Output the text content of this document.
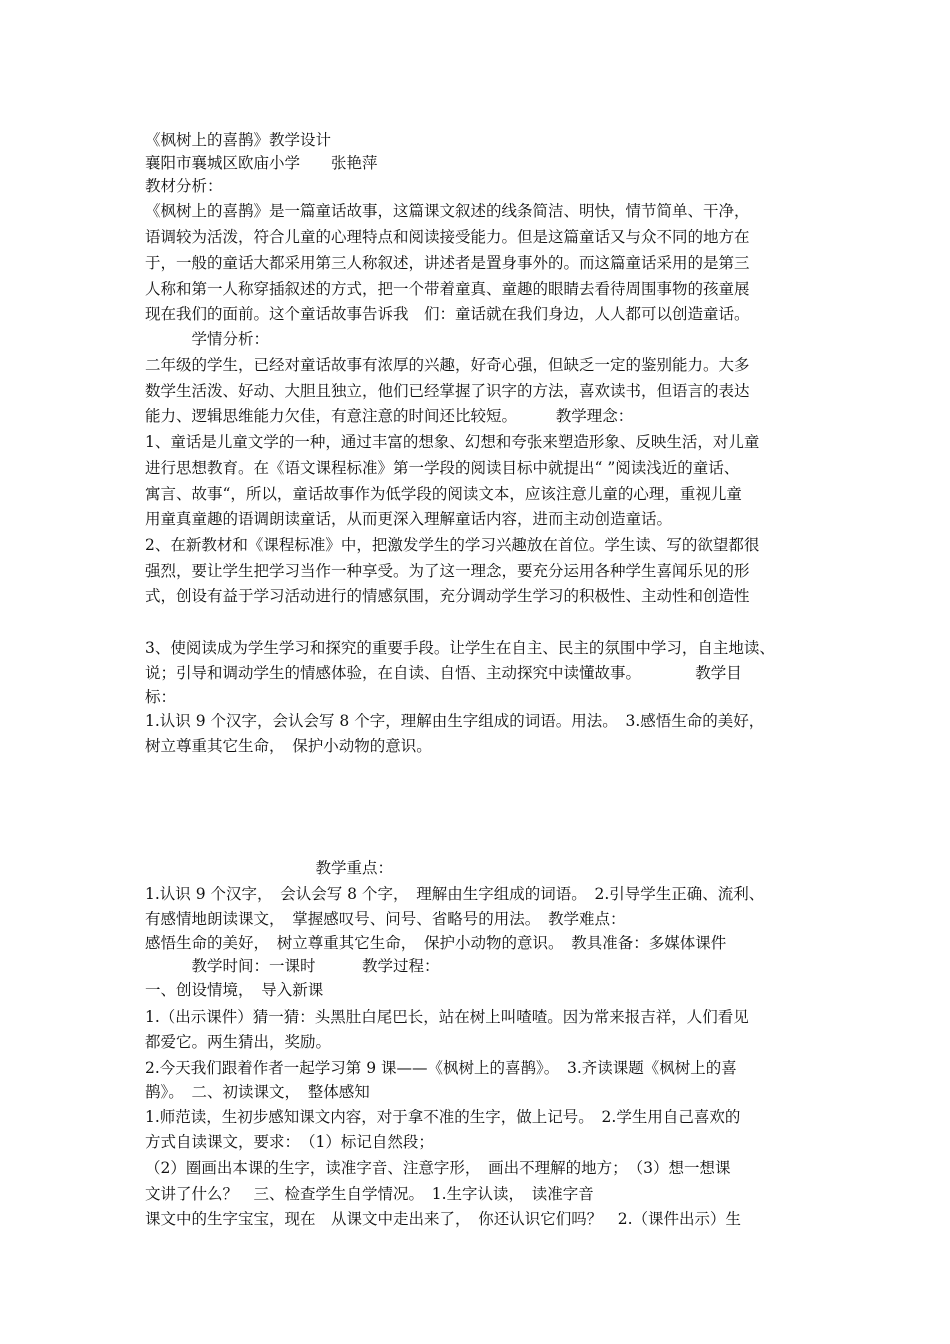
《枫树上的喜鹊》教学设计
襄阳市襄城区欧庙小学　　张艳萍
教材分析：
《枫树上的喜鹊》是一篇童话故事，这篇课文叙述的线条简洁、明快，情节简单、干净，
语调较为活泼，符合儿童的心理特点和阅读接受能力。但是这篇童话又与众不同的地方在
于，一般的童话大都采用第三人称叙述，讲述者是置身事外的。而这篇童话采用的是第三
人称和第一人称穿插叙述的方式，把一个带着童真、童趣的眼睛去看待周围事物的孩童展
现在我们的面前。这个童话故事告诉我　们：童话就在我们身边，人人都可以创造童话。
　　　学情分析：
二年级的学生，已经对童话故事有浓厚的兴趣，好奇心强，但缺乏一定的鉴别能力。大多
数学生活泼、好动、大胆且独立，他们已经掌握了识字的方法，喜欢读书，但语言的表达
能力、逻辑思维能力欠佳，有意注意的时间还比较短。　　　教学理念：
1、童话是儿童文学的一种，通过丰富的想象、幻想和夸张来塑造形象、反映生活，对儿童
进行思想教育。在《语文课程标准》第一学段的阅读目标中就提出“ ”阅读浅近的童话、
寓言、故事“，所以，童话故事作为低学段的阅读文本，应该注意儿童的心理，重视儿童
用童真童趣的语调朗读童话，从而更深入理解童话内容，进而主动创造童话。
2、在新教材和《课程标准》中，把激发学生的学习兴趣放在首位。学生读、写的欲望都很
强烈，要让学生把学习当作一种享受。为了这一理念，要充分运用各种学生喜闻乐见的形
式，创设有益于学习活动进行的情感氛围，充分调动学生学习的积极性、主动性和创造性
3、使阅读成为学生学习和探究的重要手段。让学生在自主、民主的氛围中学习，自主地读、
说；引导和调动学生的情感体验，在自读、自悟、主动探究中读懂故事。　　　　教学目
标：
1.认识 9 个汉字，会认会写 8 个字，理解由生字组成的词语。用法。　3.感悟生命的美好，
树立尊重其它生命，　保护小动物的意识。
　　　　　　　　　　　教学重点：
1.认识 9 个汉字，　会认会写 8 个字，　理解由生字组成的词语。　2.引导学生正确、流利、
有感情地朗读课文，　掌握感叹号、问号、省略号的用法。　教学难点：
感悟生命的美好，　树立尊重其它生命，　保护小动物的意识。　教具准备：多媒体课件
　　　教学时间：一课时　　　教学过程：
一、创设情境，　导入新课
1.（出示课件）猜一猜：头黑肚白尾巴长，站在树上叫喳喳。因为常来报吉祥，人们看见
都爱它。两生猜出，奖励。
2.今天我们跟着作者一起学习第 9 课——《枫树上的喜鹊》。　3.齐读课题《枫树上的喜
鹊》。　二、初读课文，　整体感知
1.师范读，生初步感知课文内容，对于拿不准的生字，做上记号。　2.学生用自己喜欢的
方式自读课文，要求：　（1）标记自然段；
（2）圈画出本课的生字，读准字音、注意字形，　画出不理解的地方；　（3）想一想课
文讲了什么？　三、检查学生自学情况。　1.生字认读，　读准字音
课文中的生字宝宝，现在　从课文中走出来了，　你还认识它们吗？　2.（课件出示）生
